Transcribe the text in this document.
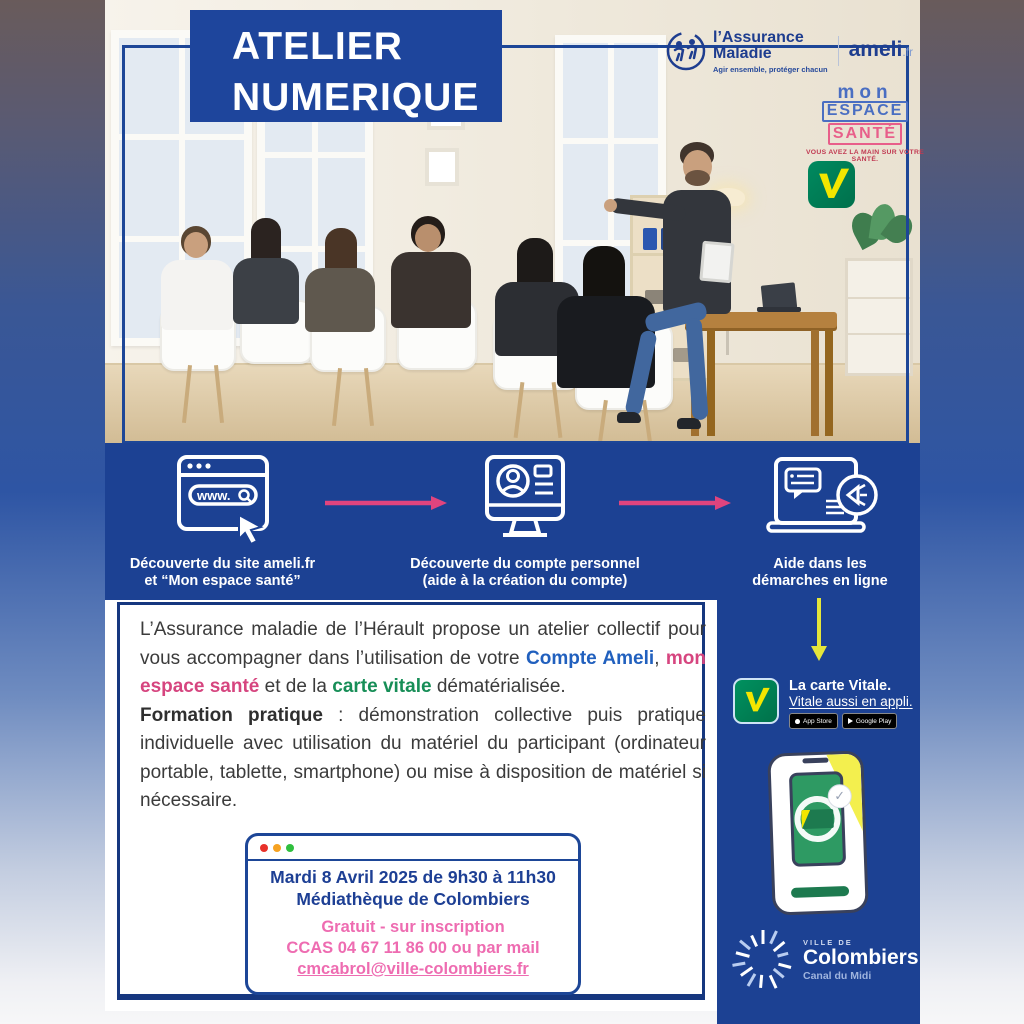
ATELIER
NUMERIQUE
l’Assurance
Maladie
Agir ensemble, protéger chacun
ameli.fr
mon
ESPACE
SANTÉ
VOUS AVEZ LA MAIN SUR VOTRE SANTÉ.
www.
Découverte du site ameli.fr
et “Mon espace santé”
Découverte du compte personnel
(aide à la création du compte)
Aide dans les
démarches en ligne

L’Assurance maladie de l’Hérault propose un atelier collectif pour vous accompagner dans l’utilisation de votre Compte Ameli, mon espace santé et de la carte vitale dématérialisée.

Formation pratique : démonstration collective puis pratique individuelle avec utilisation du matériel du participant (ordinateur portable, tablette, smartphone) ou mise à disposition de matériel si nécessaire.

Mardi 8 Avril 2025 de 9h30 à 11h30
Médiathèque de Colombiers
Gratuit - sur inscription
CCAS 04 67 11 86 00 ou par mail
cmcabrol@ville-colombiers.fr
La carte Vitale.
Vitale aussi en appli.
App Store	Google Play
✓
VILLE DE
Colombiers
Canal du Midi
